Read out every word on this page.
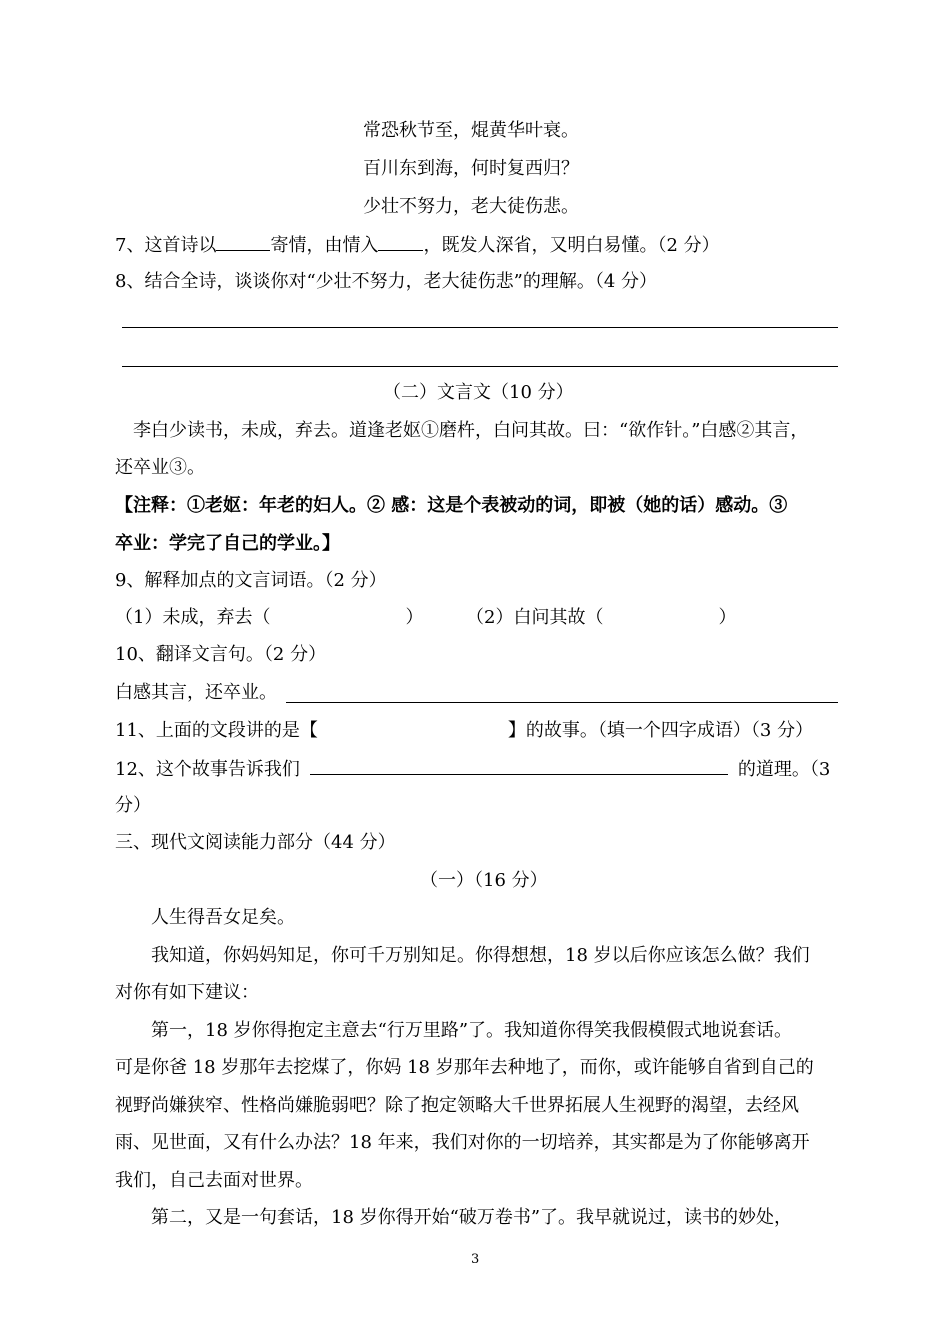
常恐秋节至，焜黄华叶衰。
百川东到海，何时复西归？
少壮不努力，老大徒伤悲。
7、这首诗以	寄情，由情入	，既发人深省，又明白易懂。（2 分）
8、结合全诗，谈谈你对“少壮不努力，老大徒伤悲”的理解。（4 分）
（二）文言文（10 分）
李白少读书，未成，弃去。道逢老妪①磨杵，白问其故。曰：“欲作针。”白感②其言，
还卒业③。
【注释：①老妪：年老的妇人。② 感：这是个表被动的词，即被（她的话）感动。③
卒业：学完了自己的学业。】
9、解释加点的文言词语。（2 分）
（1）未成，弃去（	） （2）白问其故（	）
10、翻译文言句。（2 分）
白感其言，还卒业。
11、上面的文段讲的是【	】的故事。（填一个四字成语）（3 分）
12、这个故事告诉我们	的道理。（3
分）
三、现代文阅读能力部分（44 分）
（一）（16 分）
人生得吾女足矣。
我知道，你妈妈知足，你可千万别知足。你得想想，18 岁以后你应该怎么做？我们
对你有如下建议：
第一，18 岁你得抱定主意去“行万里路”了。我知道你得笑我假模假式地说套话。
可是你爸 18 岁那年去挖煤了，你妈 18 岁那年去种地了，而你，或许能够自省到自己的
视野尚嫌狭窄、性格尚嫌脆弱吧？除了抱定领略大千世界拓展人生视野的渴望，去经风
雨、见世面，又有什么办法？18 年来，我们对你的一切培养，其实都是为了你能够离开
我们，自己去面对世界。
第二，又是一句套话，18 岁你得开始“破万卷书”了。我早就说过，读书的妙处，
3
